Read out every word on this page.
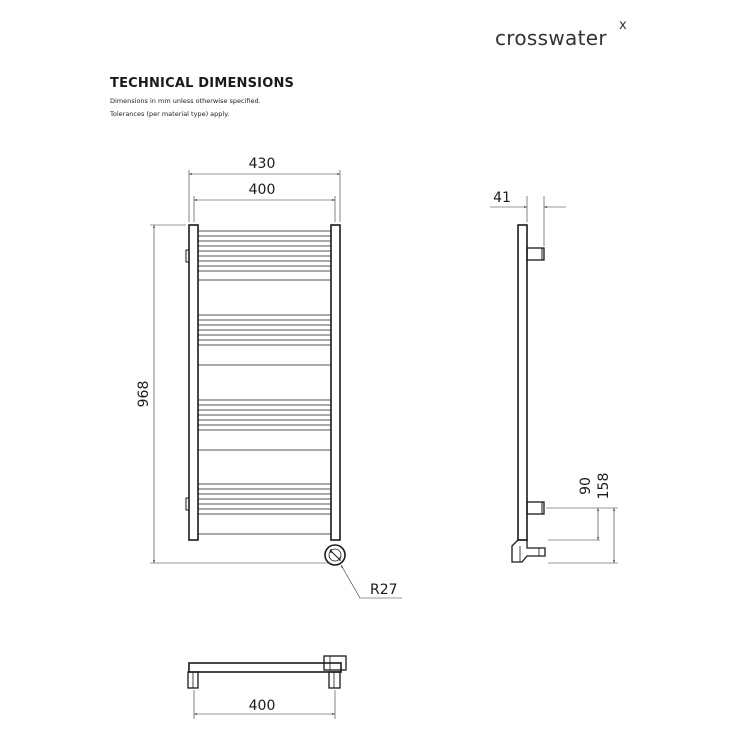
crosswater
x
TECHNICAL DIMENSIONS
Dimensions in mm unless otherwise specified.
Tolerances (per material type) apply.
430
400
968
R27
41
90 158
400
